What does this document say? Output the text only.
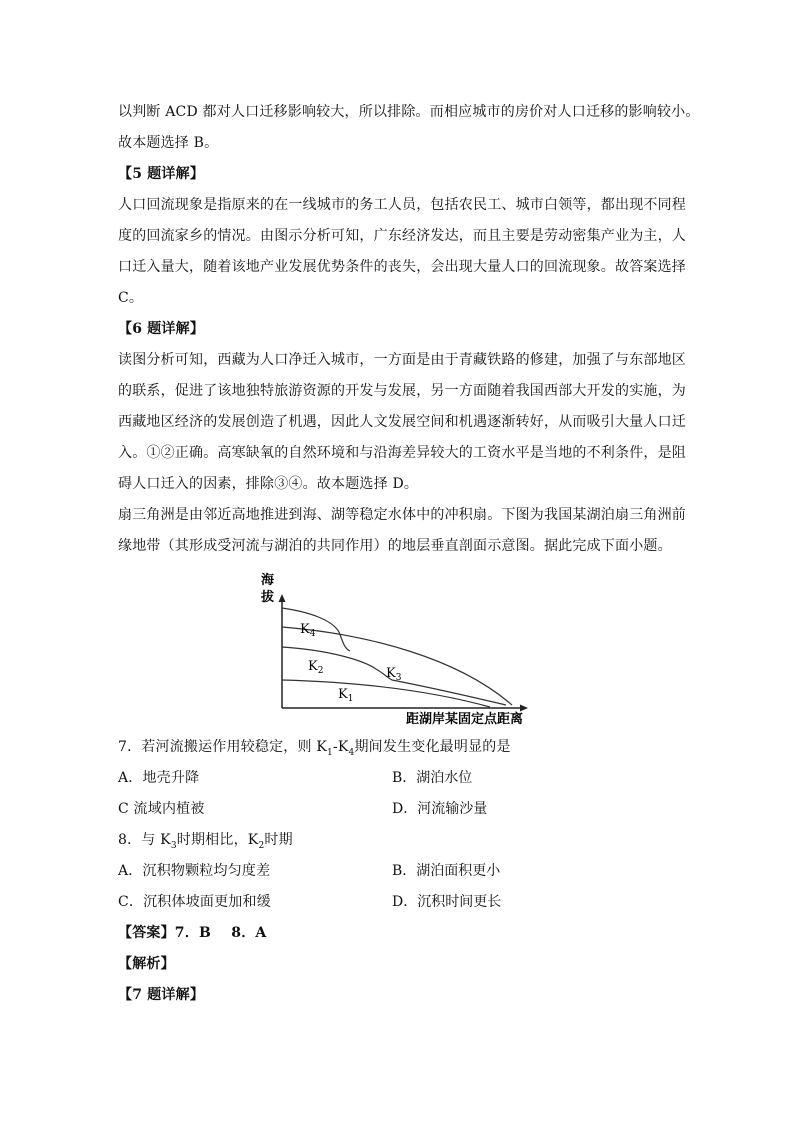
以判断 ACD 都对人口迁移影响较大，所以排除。而相应城市的房价对人口迁移的影响较小。
故本题选择 B。
【5 题详解】
人口回流现象是指原来的在一线城市的务工人员，包括农民工、城市白领等，都出现不同程
度的回流家乡的情况。由图示分析可知，广东经济发达，而且主要是劳动密集产业为主，人
口迁入量大，随着该地产业发展优势条件的丧失，会出现大量人口的回流现象。故答案选择
C。
【6 题详解】
读图分析可知，西藏为人口净迁入城市，一方面是由于青藏铁路的修建，加强了与东部地区
的联系，促进了该地独特旅游资源的开发与发展，另一方面随着我国西部大开发的实施，为
西藏地区经济的发展创造了机遇，因此人文发展空间和机遇逐渐转好，从而吸引大量人口迁
入。①②正确。高寒缺氧的自然环境和与沿海差异较大的工资水平是当地的不利条件，是阻
碍人口迁入的因素，排除③④。故本题选择 D。
扇三角洲是由邻近高地推进到海、湖等稳定水体中的冲积扇。下图为我国某湖泊扇三角洲前
缘地带（其形成受河流与湖泊的共同作用）的地层垂直剖面示意图。据此完成下面小题。
海
拔
距湖岸某固定点距离
$K_4$
$K_2$	$K_3$
$K_1$
7．若河流搬运作用较稳定，则 $K_1-K_4$期间发生变化最明显的是
A．地壳升降	B．湖泊水位
C 流域内植被	D．河流输沙量
8．与 $K_3$时期相比，$K_2$时期
A．沉积物颗粒均匀度差	B．湖泊面积更小
C．沉积体坡面更加和缓	D．沉积时间更长
【答案】7．B    8．A
【解析】
【7 题详解】
